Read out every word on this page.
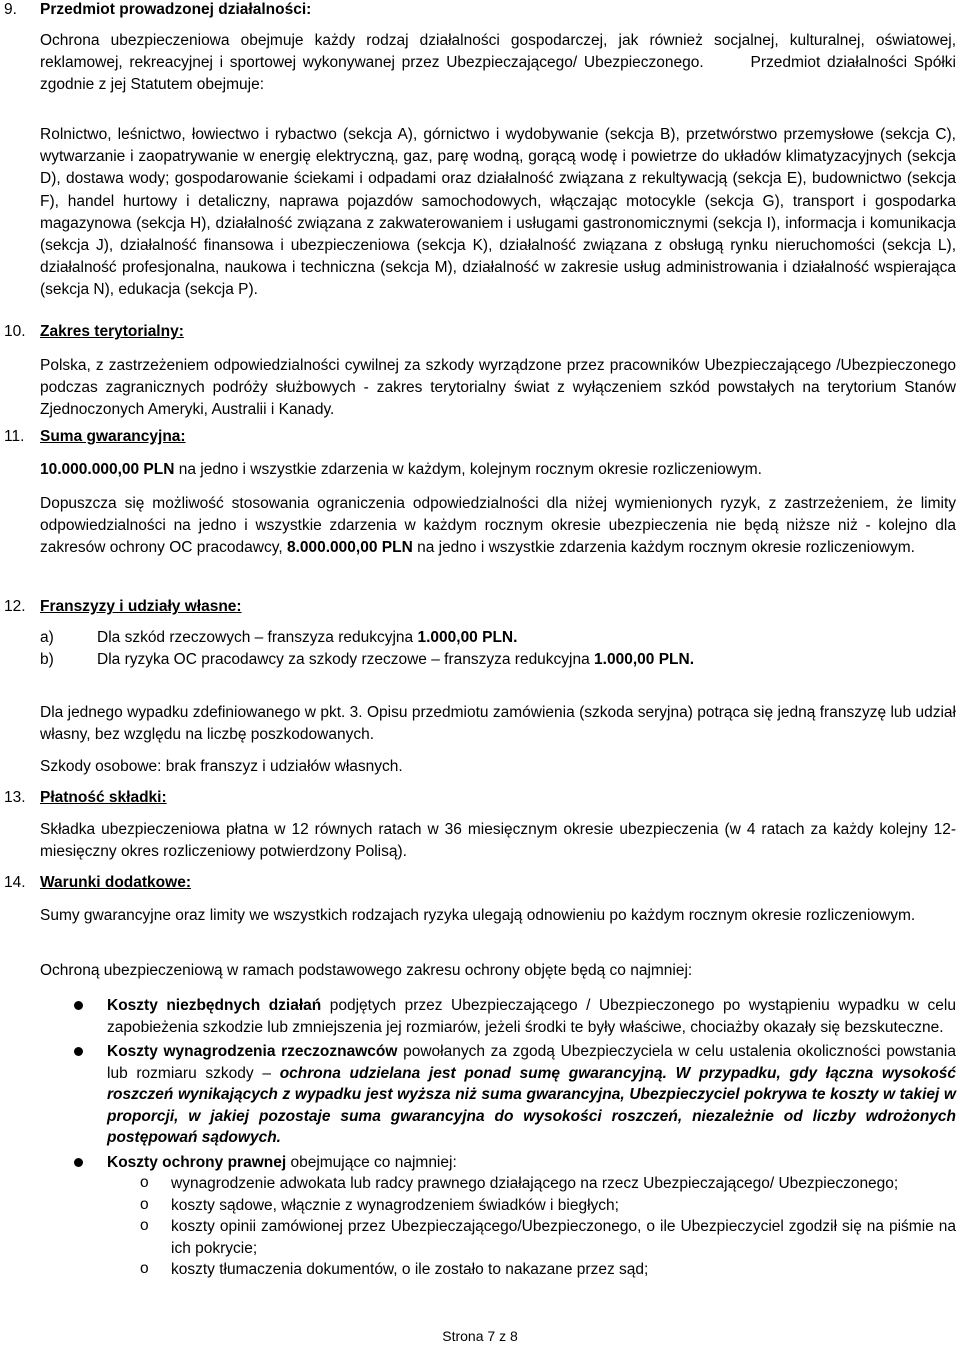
9. Przedmiot prowadzonej działalności:

Ochrona ubezpieczeniowa obejmuje każdy rodzaj działalności gospodarczej, jak również socjalnej, kulturalnej, oświatowej, reklamowej, rekreacyjnej i sportowej wykonywanej przez Ubezpieczającego/ Ubezpieczonego.	Przedmiot działalności Spółki zgodnie z jej Statutem obejmuje:

Rolnictwo, leśnictwo, łowiectwo i rybactwo (sekcja A), górnictwo i wydobywanie (sekcja B), przetwórstwo przemysłowe (sekcja C), wytwarzanie i zaopatrywanie w energię elektryczną, gaz, parę wodną, gorącą wodę i powietrze do układów klimatyzacyjnych (sekcja D), dostawa wody; gospodarowanie ściekami i odpadami oraz działalność związana z rekultywacją (sekcja E), budownictwo (sekcja F), handel hurtowy i detaliczny, naprawa pojazdów samochodowych, włączając motocykle (sekcja G), transport i gospodarka magazynowa (sekcja H), działalność związana z zakwaterowaniem i usługami gastronomicznymi (sekcja I), informacja i komunikacja (sekcja J), działalność finansowa i ubezpieczeniowa (sekcja K), działalność związana z obsługą rynku nieruchomości (sekcja L), działalność profesjonalna, naukowa i techniczna (sekcja M), działalność w zakresie usług administrowania i działalność wspierająca (sekcja N), edukacja (sekcja P).

10. Zakres terytorialny:

Polska, z zastrzeżeniem odpowiedzialności cywilnej za szkody wyrządzone przez pracowników Ubezpieczającego /Ubezpieczonego podczas zagranicznych podróży służbowych - zakres terytorialny świat z wyłączeniem szkód powstałych na terytorium Stanów Zjednoczonych Ameryki, Australii i Kanady.

11. Suma gwarancyjna:

10.000.000,00 PLN na jedno i wszystkie zdarzenia w każdym, kolejnym rocznym okresie rozliczeniowym.

Dopuszcza się możliwość stosowania ograniczenia odpowiedzialności dla niżej wymienionych ryzyk, z zastrzeżeniem, że limity odpowiedzialności na jedno i wszystkie zdarzenia w każdym rocznym okresie ubezpieczenia nie będą niższe niż - kolejno dla zakresów ochrony OC pracodawcy, 8.000.000,00 PLN na jedno i wszystkie zdarzenia każdym rocznym okresie rozliczeniowym.

12. Franszyzy i udziały własne:
a)	Dla szkód rzeczowych – franszyza redukcyjna 1.000,00 PLN.
b)	Dla ryzyka OC pracodawcy za szkody rzeczowe – franszyza redukcyjna 1.000,00 PLN.

Dla jednego wypadku zdefiniowanego w pkt. 3. Opisu przedmiotu zamówienia (szkoda seryjna) potrąca się jedną franszyzę lub udział własny, bez względu na liczbę poszkodowanych.

Szkody osobowe: brak franszyz i udziałów własnych.

13. Płatność składki:

Składka ubezpieczeniowa płatna w 12 równych ratach w 36 miesięcznym okresie ubezpieczenia (w 4 ratach za każdy kolejny 12-miesięczny okres rozliczeniowy potwierdzony Polisą).

14. Warunki dodatkowe:

Sumy gwarancyjne oraz limity we wszystkich rodzajach ryzyka ulegają odnowieniu po każdym rocznym okresie rozliczeniowym.

Ochroną ubezpieczeniową w ramach podstawowego zakresu ochrony objęte będą co najmniej:

Koszty niezbędnych działań podjętych przez Ubezpieczającego / Ubezpieczonego po wystąpieniu wypadku w celu zapobieżenia szkodzie lub zmniejszenia jej rozmiarów, jeżeli środki te były właściwe, chociażby okazały się bezskuteczne.
Koszty wynagrodzenia rzeczoznawców powołanych za zgodą Ubezpieczyciela w celu ustalenia okoliczności powstania lub rozmiaru szkody – ochrona udzielana jest ponad sumę gwarancyjną. W przypadku, gdy łączna wysokość roszczeń wynikających z wypadku jest wyższa niż suma gwarancyjna, Ubezpieczyciel pokrywa te koszty w takiej w proporcji, w jakiej pozostaje suma gwarancyjna do wysokości roszczeń, niezależnie od liczby wdrożonych postępowań sądowych.
Koszty ochrony prawnej obejmujące co najmniej:
o wynagrodzenie adwokata lub radcy prawnego działającego na rzecz Ubezpieczającego/ Ubezpieczonego;
o koszty sądowe, włącznie z wynagrodzeniem świadków i biegłych;
o koszty opinii zamówionej przez Ubezpieczającego/Ubezpieczonego, o ile Ubezpieczyciel zgodził się na piśmie na ich pokrycie;
o koszty tłumaczenia dokumentów, o ile zostało to nakazane przez sąd;
Strona 7 z 8
